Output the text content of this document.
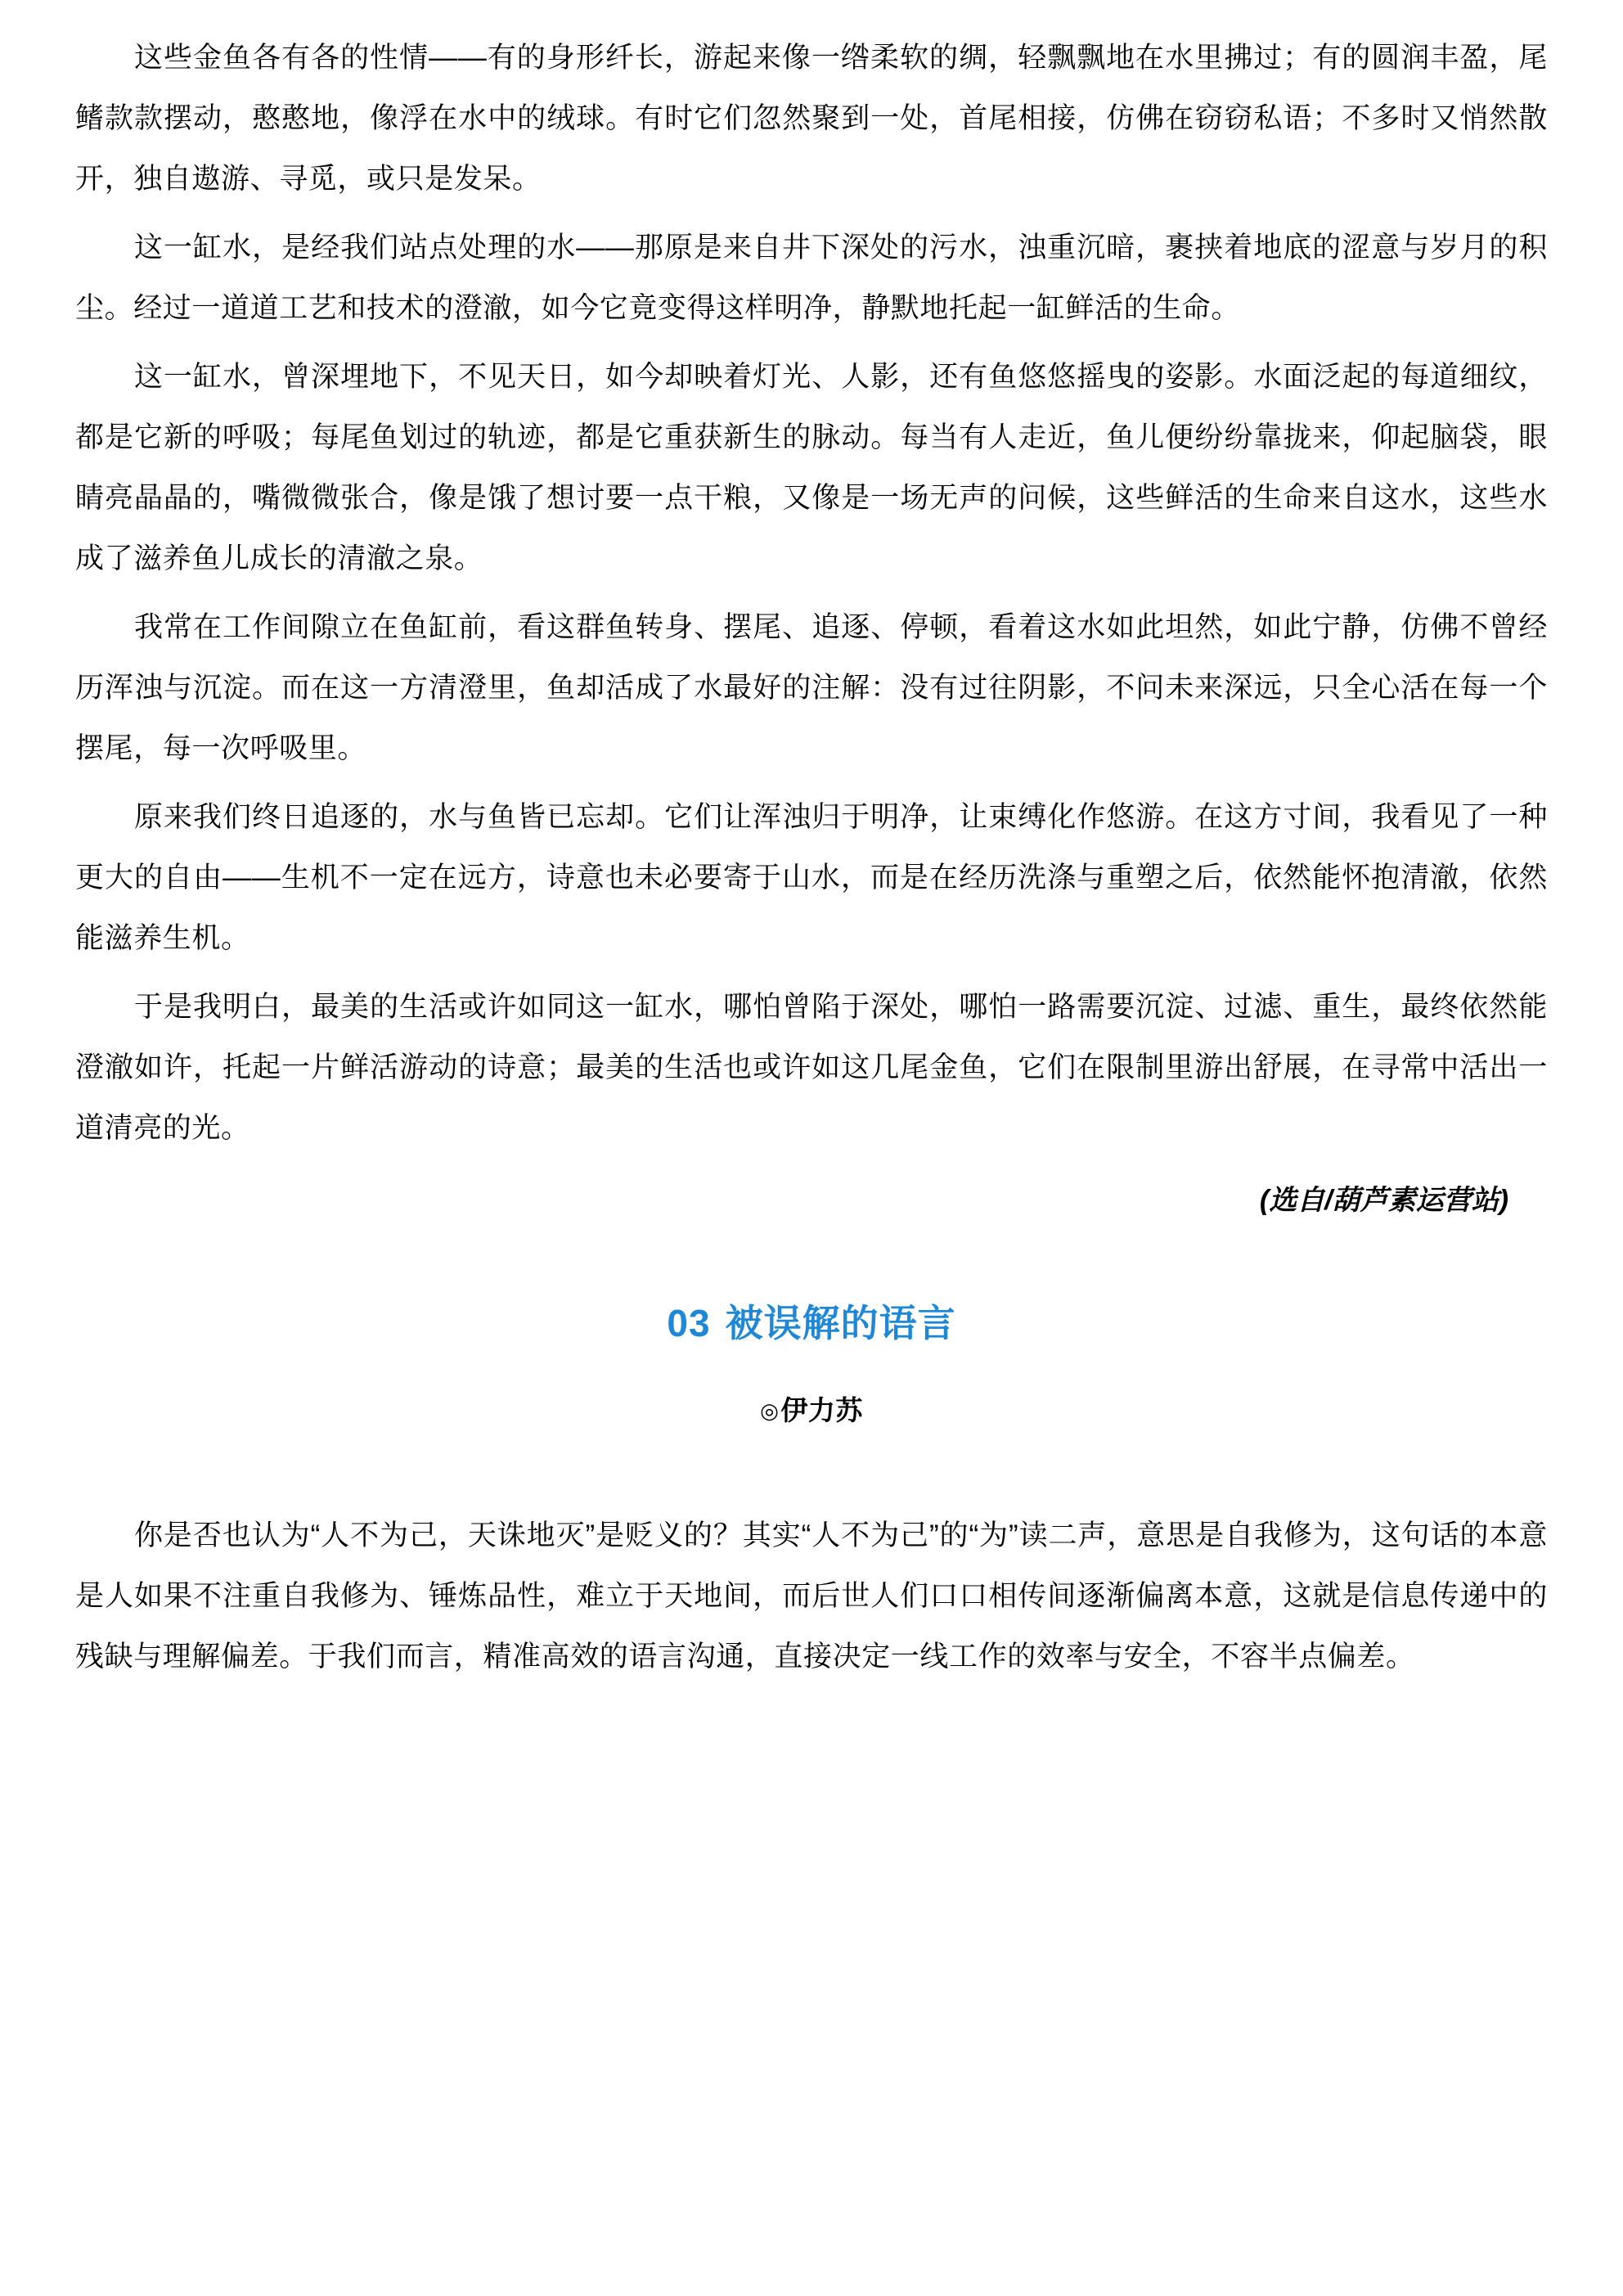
这些金鱼各有各的性情——有的身形纤长，游起来像一绺柔软的绸，轻飘飘地在水里拂过；有的圆润丰盈，尾鳍款款摆动，憨憨地，像浮在水中的绒球。有时它们忽然聚到一处，首尾相接，仿佛在窃窃私语；不多时又悄然散开，独自遨游、寻觅，或只是发呆。

这一缸水，是经我们站点处理的水——那原是来自井下深处的污水，浊重沉暗，裹挟着地底的涩意与岁月的积尘。经过一道道工艺和技术的澄澈，如今它竟变得这样明净，静默地托起一缸鲜活的生命。

这一缸水，曾深埋地下，不见天日，如今却映着灯光、人影，还有鱼悠悠摇曳的姿影。水面泛起的每道细纹，都是它新的呼吸；每尾鱼划过的轨迹，都是它重获新生的脉动。每当有人走近，鱼儿便纷纷靠拢来，仰起脑袋，眼睛亮晶晶的，嘴微微张合，像是饿了想讨要一点干粮，又像是一场无声的问候，这些鲜活的生命来自这水，这些水成了滋养鱼儿成长的清澈之泉。

我常在工作间隙立在鱼缸前，看这群鱼转身、摆尾、追逐、停顿，看着这水如此坦然，如此宁静，仿佛不曾经历浑浊与沉淀。而在这一方清澄里，鱼却活成了水最好的注解：没有过往阴影，不问未来深远，只全心活在每一个摆尾，每一次呼吸里。

原来我们终日追逐的，水与鱼皆已忘却。它们让浑浊归于明净，让束缚化作悠游。在这方寸间，我看见了一种更大的自由——生机不一定在远方，诗意也未必要寄于山水，而是在经历洗涤与重塑之后，依然能怀抱清澈，依然能滋养生机。

于是我明白，最美的生活或许如同这一缸水，哪怕曾陷于深处，哪怕一路需要沉淀、过滤、重生，最终依然能澄澈如许，托起一片鲜活游动的诗意；最美的生活也或许如这几尾金鱼，它们在限制里游出舒展，在寻常中活出一道清亮的光。

(选自/葫芦素运营站)

03 被误解的语言

◎伊力苏

你是否也认为“人不为己，天诛地灭”是贬义的？其实“人不为己”的“为”读二声，意思是自我修为，这句话的本意是人如果不注重自我修为、锤炼品性，难立于天地间，而后世人们口口相传间逐渐偏离本意，这就是信息传递中的残缺与理解偏差。于我们而言，精准高效的语言沟通，直接决定一线工作的效率与安全，不容半点偏差。
